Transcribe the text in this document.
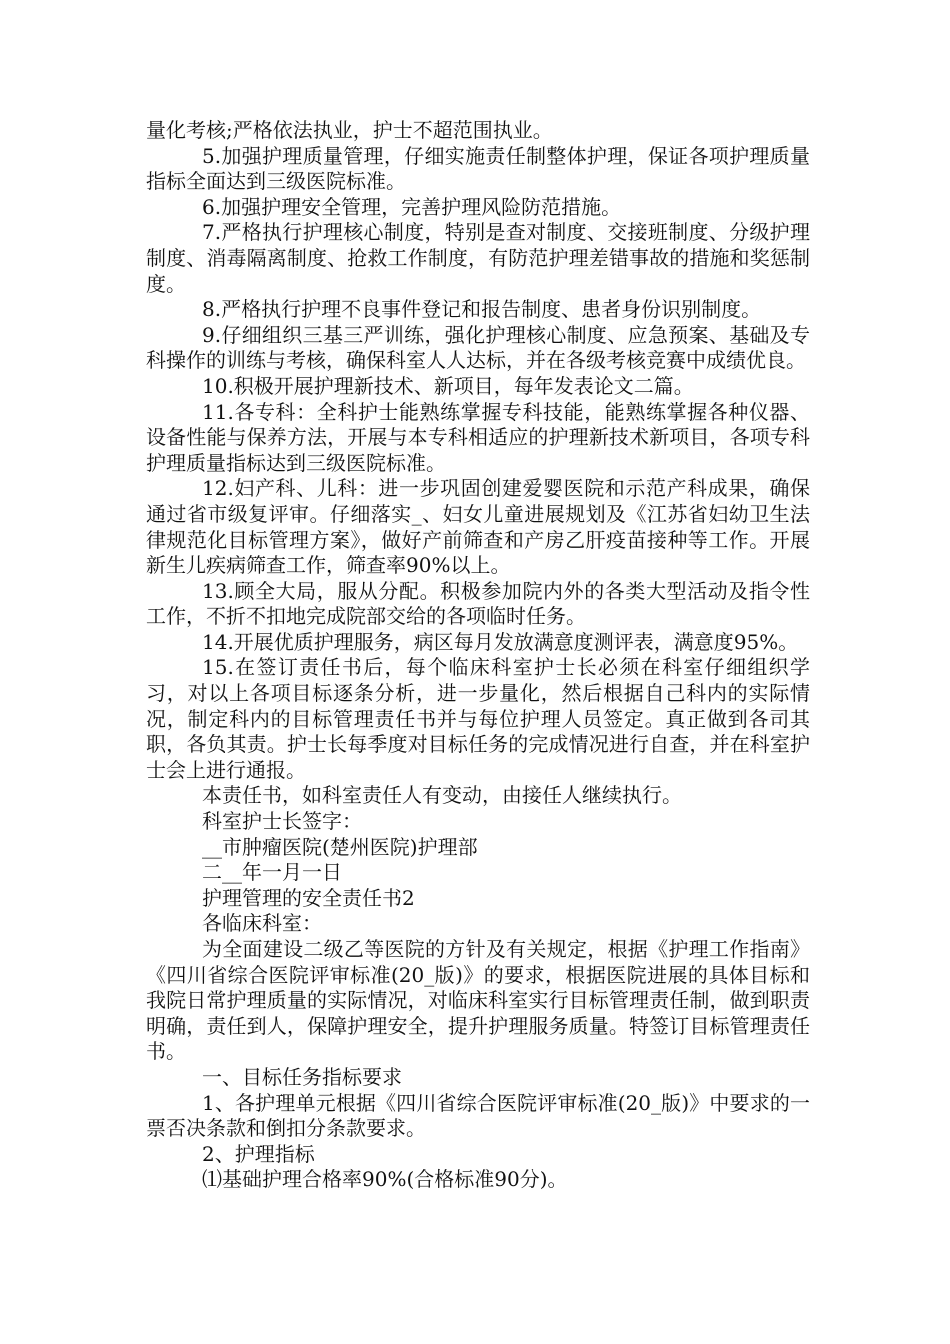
量化考核;严格依法执业，护士不超范围执业。

5.加强护理质量管理，仔细实施责任制整体护理，保证各项护理质量指标全面达到三级医院标准。

6.加强护理安全管理，完善护理风险防范措施。

7.严格执行护理核心制度，特别是查对制度、交接班制度、分级护理制度、消毒隔离制度、抢救工作制度，有防范护理差错事故的措施和奖惩制度。

8.严格执行护理不良事件登记和报告制度、患者身份识别制度。

9.仔细组织三基三严训练，强化护理核心制度、应急预案、基础及专科操作的训练与考核，确保科室人人达标，并在各级考核竞赛中成绩优良。

10.积极开展护理新技术、新项目，每年发表论文二篇。

11.各专科：全科护士能熟练掌握专科技能，能熟练掌握各种仪器、设备性能与保养方法，开展与本专科相适应的护理新技术新项目，各项专科护理质量指标达到三级医院标准。

12.妇产科、儿科：进一步巩固创建爱婴医院和示范产科成果，确保通过省市级复评审。仔细落实_、妇女儿童进展规划及《江苏省妇幼卫生法律规范化目标管理方案》，做好产前筛查和产房乙肝疫苗接种等工作。开展新生儿疾病筛查工作，筛查率90%以上。

13.顾全大局，服从分配。积极参加院内外的各类大型活动及指令性工作，不折不扣地完成院部交给的各项临时任务。

14.开展优质护理服务，病区每月发放满意度测评表，满意度95%。

15.在签订责任书后，每个临床科室护士长必须在科室仔细组织学习，对以上各项目标逐条分析，进一步量化，然后根据自己科内的实际情况，制定科内的目标管理责任书并与每位护理人员签定。真正做到各司其职，各负其责。护士长每季度对目标任务的完成情况进行自查，并在科室护士会上进行通报。

本责任书，如科室责任人有变动，由接任人继续执行。

科室护士长签字：

__市肿瘤医院(楚州医院)护理部

二__年一月一日

护理管理的安全责任书2

各临床科室：

为全面建设二级乙等医院的方针及有关规定，根据《护理工作指南》《四川省综合医院评审标准(20_版)》的要求，根据医院进展的具体目标和我院日常护理质量的实际情况，对临床科室实行目标管理责任制，做到职责明确，责任到人，保障护理安全，提升护理服务质量。特签订目标管理责任书。

一、目标任务指标要求

1、各护理单元根据《四川省综合医院评审标准(20_版)》中要求的一票否决条款和倒扣分条款要求。

2、护理指标

⑴基础护理合格率90%(合格标准90分)。
